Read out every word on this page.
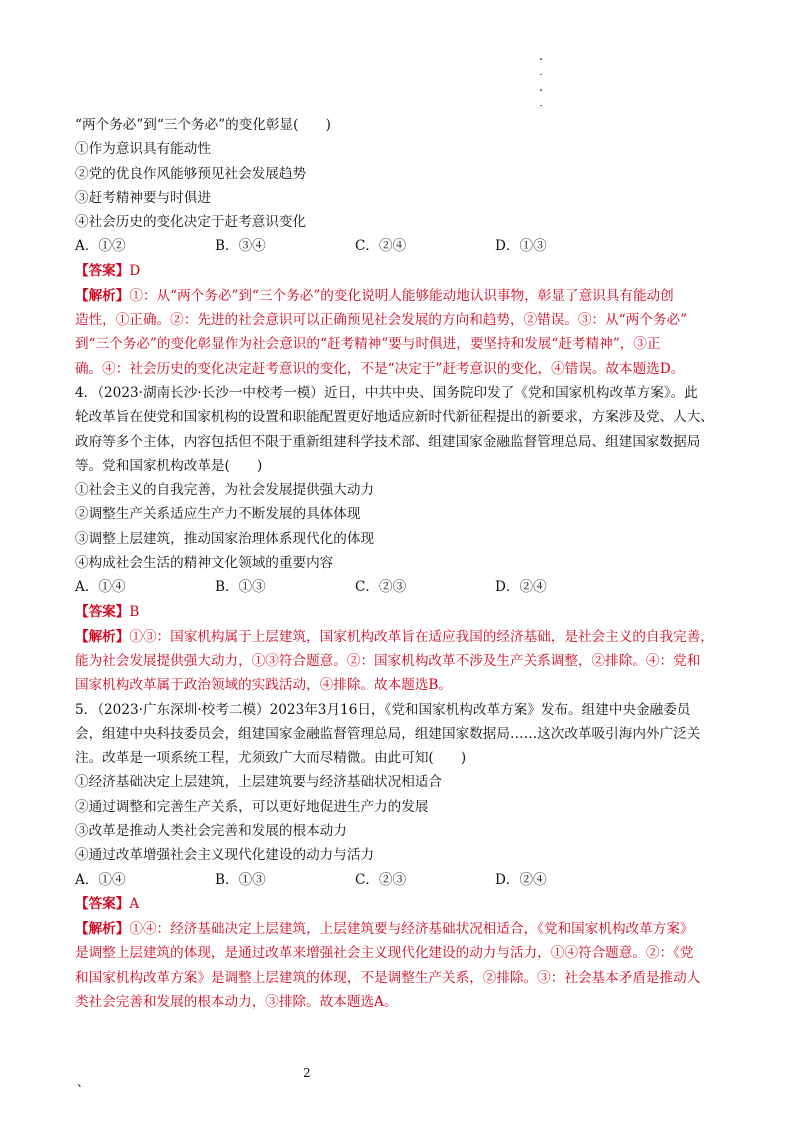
“两个务必”到“三个务必”的变化彰显(　　)
①作为意识具有能动性
②党的优良作风能够预见社会发展趋势
③赶考精神要与时俱进
④社会历史的变化决定于赶考意识变化
A．①②	B．③④	C．②④	D．①③
【答案】D

【解析】①：从“两个务必”到“三个务必”的变化说明人能够能动地认识事物，彰显了意识具有能动创

造性，①正确。②：先进的社会意识可以正确预见社会发展的方向和趋势，②错误。③：从“两个务必”

到“三个务必”的变化彰显作为社会意识的“赶考精神”要与时俱进，要坚持和发展“赶考精神”，③正

确。④：社会历史的变化决定赶考意识的变化，不是“决定于”赶考意识的变化，④错误。故本题选D。

4．（2023·湖南长沙·长沙一中校考一模）近日，中共中央、国务院印发了《党和国家机构改革方案》。此
轮改革旨在使党和国家机构的设置和职能配置更好地适应新时代新征程提出的新要求，方案涉及党、人大、
政府等多个主体，内容包括但不限于重新组建科学技术部、组建国家金融监督管理总局、组建国家数据局
等。党和国家机构改革是(　　)
①社会主义的自我完善，为社会发展提供强大动力
②调整生产关系适应生产力不断发展的具体体现
③调整上层建筑，推动国家治理体系现代化的体现
④构成社会生活的精神文化领域的重要内容
A．①④	B．①③	C．②③	D．②④
【答案】B

【解析】①③：国家机构属于上层建筑，国家机构改革旨在适应我国的经济基础，是社会主义的自我完善，

能为社会发展提供强大动力，①③符合题意。②：国家机构改革不涉及生产关系调整，②排除。④：党和

国家机构改革属于政治领域的实践活动，④排除。故本题选B。

5．（2023·广东深圳·校考二模）2023年3月16日，《党和国家机构改革方案》发布。组建中央金融委员
会，组建中央科技委员会，组建国家金融监督管理总局，组建国家数据局……这次改革吸引海内外广泛关
注。改革是一项系统工程，尤须致广大而尽精微。由此可知(　　)
①经济基础决定上层建筑，上层建筑要与经济基础状况相适合
②通过调整和完善生产关系，可以更好地促进生产力的发展
③改革是推动人类社会完善和发展的根本动力
④通过改革增强社会主义现代化建设的动力与活力
A．①④	B．①③	C．②③	D．②④
【答案】A

【解析】①④：经济基础决定上层建筑，上层建筑要与经济基础状况相适合，《党和国家机构改革方案》

是调整上层建筑的体现，是通过改革来增强社会主义现代化建设的动力与活力，①④符合题意。②：《党

和国家机构改革方案》是调整上层建筑的体现，不是调整生产关系，②排除。③：社会基本矛盾是推动人

类社会完善和发展的根本动力，③排除。故本题选A。

、
2
